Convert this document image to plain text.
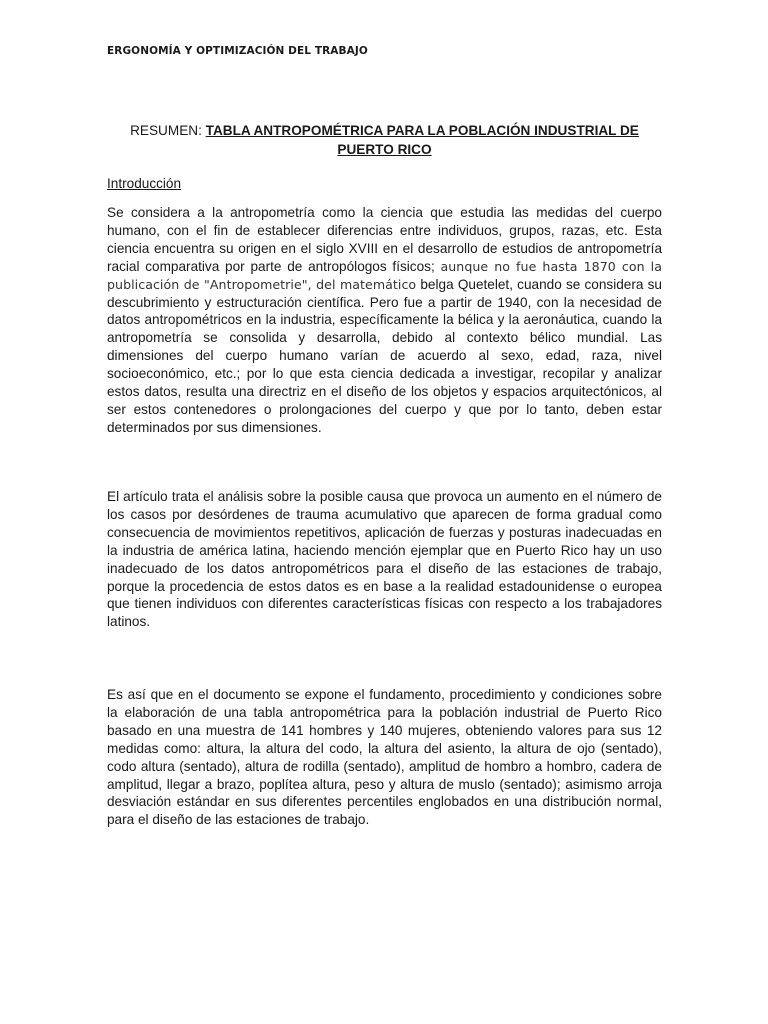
ERGONOMÍA Y OPTIMIZACIÓN DEL TRABAJO
RESUMEN: TABLA ANTROPOMÉTRICA PARA LA POBLACIÓN INDUSTRIAL DE PUERTO RICO
Introducción
Se considera a la antropometría como la ciencia que estudia las medidas del cuerpo humano, con el fin de establecer diferencias entre individuos, grupos, razas, etc. Esta ciencia encuentra su origen en el siglo XVIII en el desarrollo de estudios de antropometría racial comparativa por parte de antropólogos físicos; aunque no fue hasta 1870 con la publicación de "Antropometrie", del matemático belga Quetelet, cuando se considera su descubrimiento y estructuración científica. Pero fue a partir de 1940, con la necesidad de datos antropométricos en la industria, específicamente la bélica y la aeronáutica, cuando la antropometría se consolida y desarrolla, debido al contexto bélico mundial. Las dimensiones del cuerpo humano varían de acuerdo al sexo, edad, raza, nivel socioeconómico, etc.; por lo que esta ciencia dedicada a investigar, recopilar y analizar estos datos, resulta una directriz en el diseño de los objetos y espacios arquitectónicos, al ser estos contenedores o prolongaciones del cuerpo y que por lo tanto, deben estar determinados por sus dimensiones.
El artículo trata el análisis sobre la posible causa que provoca un aumento en el número de los casos por desórdenes de trauma acumulativo que aparecen de forma gradual como consecuencia de movimientos repetitivos, aplicación de fuerzas y posturas inadecuadas en la industria de américa latina, haciendo mención ejemplar que en Puerto Rico hay un uso inadecuado de los datos antropométricos para el diseño de las estaciones de trabajo, porque la procedencia de estos datos es en base a la realidad estadounidense o europea que tienen individuos con diferentes características físicas con respecto a los trabajadores latinos.
Es así que en el documento se expone el fundamento, procedimiento y condiciones sobre la elaboración de una tabla antropométrica para la población industrial de Puerto Rico basado en una muestra de 141 hombres y 140 mujeres, obteniendo valores para sus 12 medidas como: altura, la altura del codo, la altura del asiento, la altura de ojo (sentado), codo altura (sentado), altura de rodilla (sentado), amplitud de hombro a hombro, cadera de amplitud, llegar a brazo, poplítea altura, peso y altura de muslo (sentado); asimismo arroja desviación estándar en sus diferentes percentiles englobados en una distribución normal, para el diseño de las estaciones de trabajo.
